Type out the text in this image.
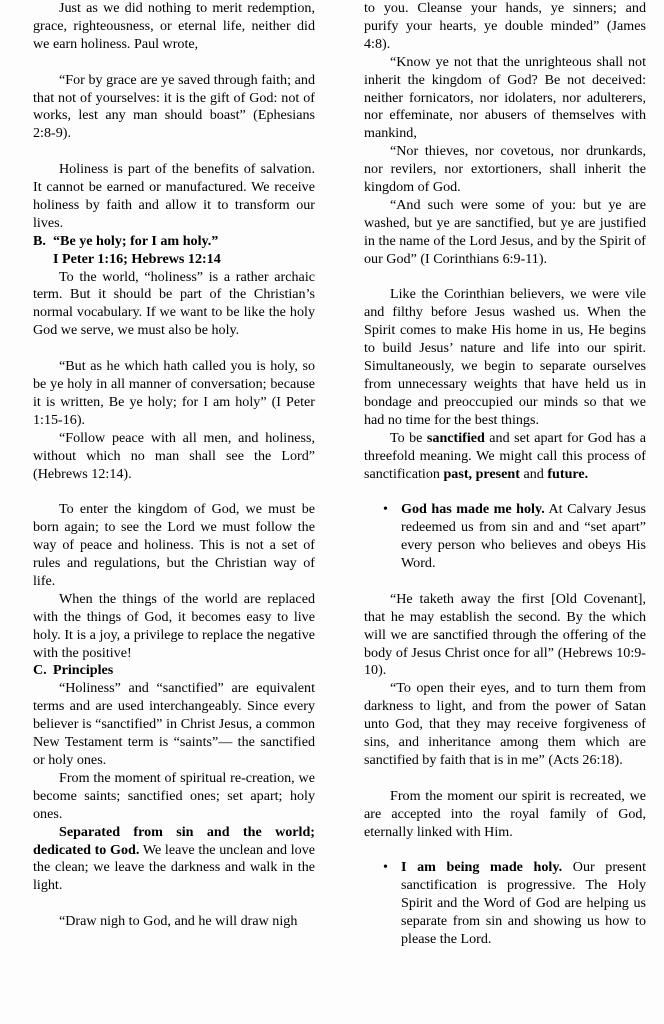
Just as we did nothing to merit redemption, grace, righteousness, or eternal life, neither did we earn holiness. Paul wrote,

“For by grace are ye saved through faith; and that not of yourselves: it is the gift of God: not of works, lest any man should boast” (Ephesians 2:8-9).

Holiness is part of the benefits of salvation. It cannot be earned or manufactured. We receive holiness by faith and allow it to transform our lives.

B. “Be ye holy; for I am holy.”

I Peter 1:16; Hebrews 12:14

To the world, “holiness” is a rather archaic term. But it should be part of the Christian’s normal vocabulary. If we want to be like the holy God we serve, we must also be holy.

“But as he which hath called you is holy, so be ye holy in all manner of conversation; because it is written, Be ye holy; for I am holy” (I Peter 1:15-16).

“Follow peace with all men, and holiness, without which no man shall see the Lord” (Hebrews 12:14).

To enter the kingdom of God, we must be born again; to see the Lord we must follow the way of peace and holiness. This is not a set of rules and regulations, but the Christian way of life.

When the things of the world are replaced with the things of God, it becomes easy to live holy. It is a joy, a privilege to replace the negative with the positive!

C. Principles

“Holiness” and “sanctified” are equivalent terms and are used interchangeably. Since every believer is “sanctified” in Christ Jesus, a common New Testament term is “saints”— the sanctified or holy ones.

From the moment of spiritual re-creation, we become saints; sanctified ones; set apart; holy ones.

Separated from sin and the world; dedicated to God. We leave the unclean and love the clean; we leave the darkness and walk in the light.

“Draw nigh to God, and he will draw nigh

to you. Cleanse your hands, ye sinners; and purify your hearts, ye double minded” (James 4:8).

“Know ye not that the unrighteous shall not inherit the kingdom of God? Be not deceived: neither fornicators, nor idolaters, nor adulterers, nor effeminate, nor abusers of themselves with mankind,

“Nor thieves, nor covetous, nor drunkards, nor revilers, nor extortioners, shall inherit the kingdom of God.

“And such were some of you: but ye are washed, but ye are sanctified, but ye are justified in the name of the Lord Jesus, and by the Spirit of our God” (I Corinthians 6:9-11).

Like the Corinthian believers, we were vile and filthy before Jesus washed us. When the Spirit comes to make His home in us, He begins to build Jesus’ nature and life into our spirit. Simultaneously, we begin to separate ourselves from unnecessary weights that have held us in bondage and preoccupied our minds so that we had no time for the best things.

To be sanctified and set apart for God has a threefold meaning. We might call this process of sanctification past, present and future.

• God has made me holy. At Calvary Jesus redeemed us from sin and and “set apart” every person who believes and obeys His Word.

“He taketh away the first [Old Covenant], that he may establish the second. By the which will we are sanctified through the offering of the body of Jesus Christ once for all” (Hebrews 10:9-10).

“To open their eyes, and to turn them from darkness to light, and from the power of Satan unto God, that they may receive forgiveness of sins, and inheritance among them which are sanctified by faith that is in me” (Acts 26:18).

From the moment our spirit is recreated, we are accepted into the royal family of God, eternally linked with Him.

• I am being made holy. Our present sanctification is progressive. The Holy Spirit and the Word of God are helping us separate from sin and showing us how to please the Lord.
